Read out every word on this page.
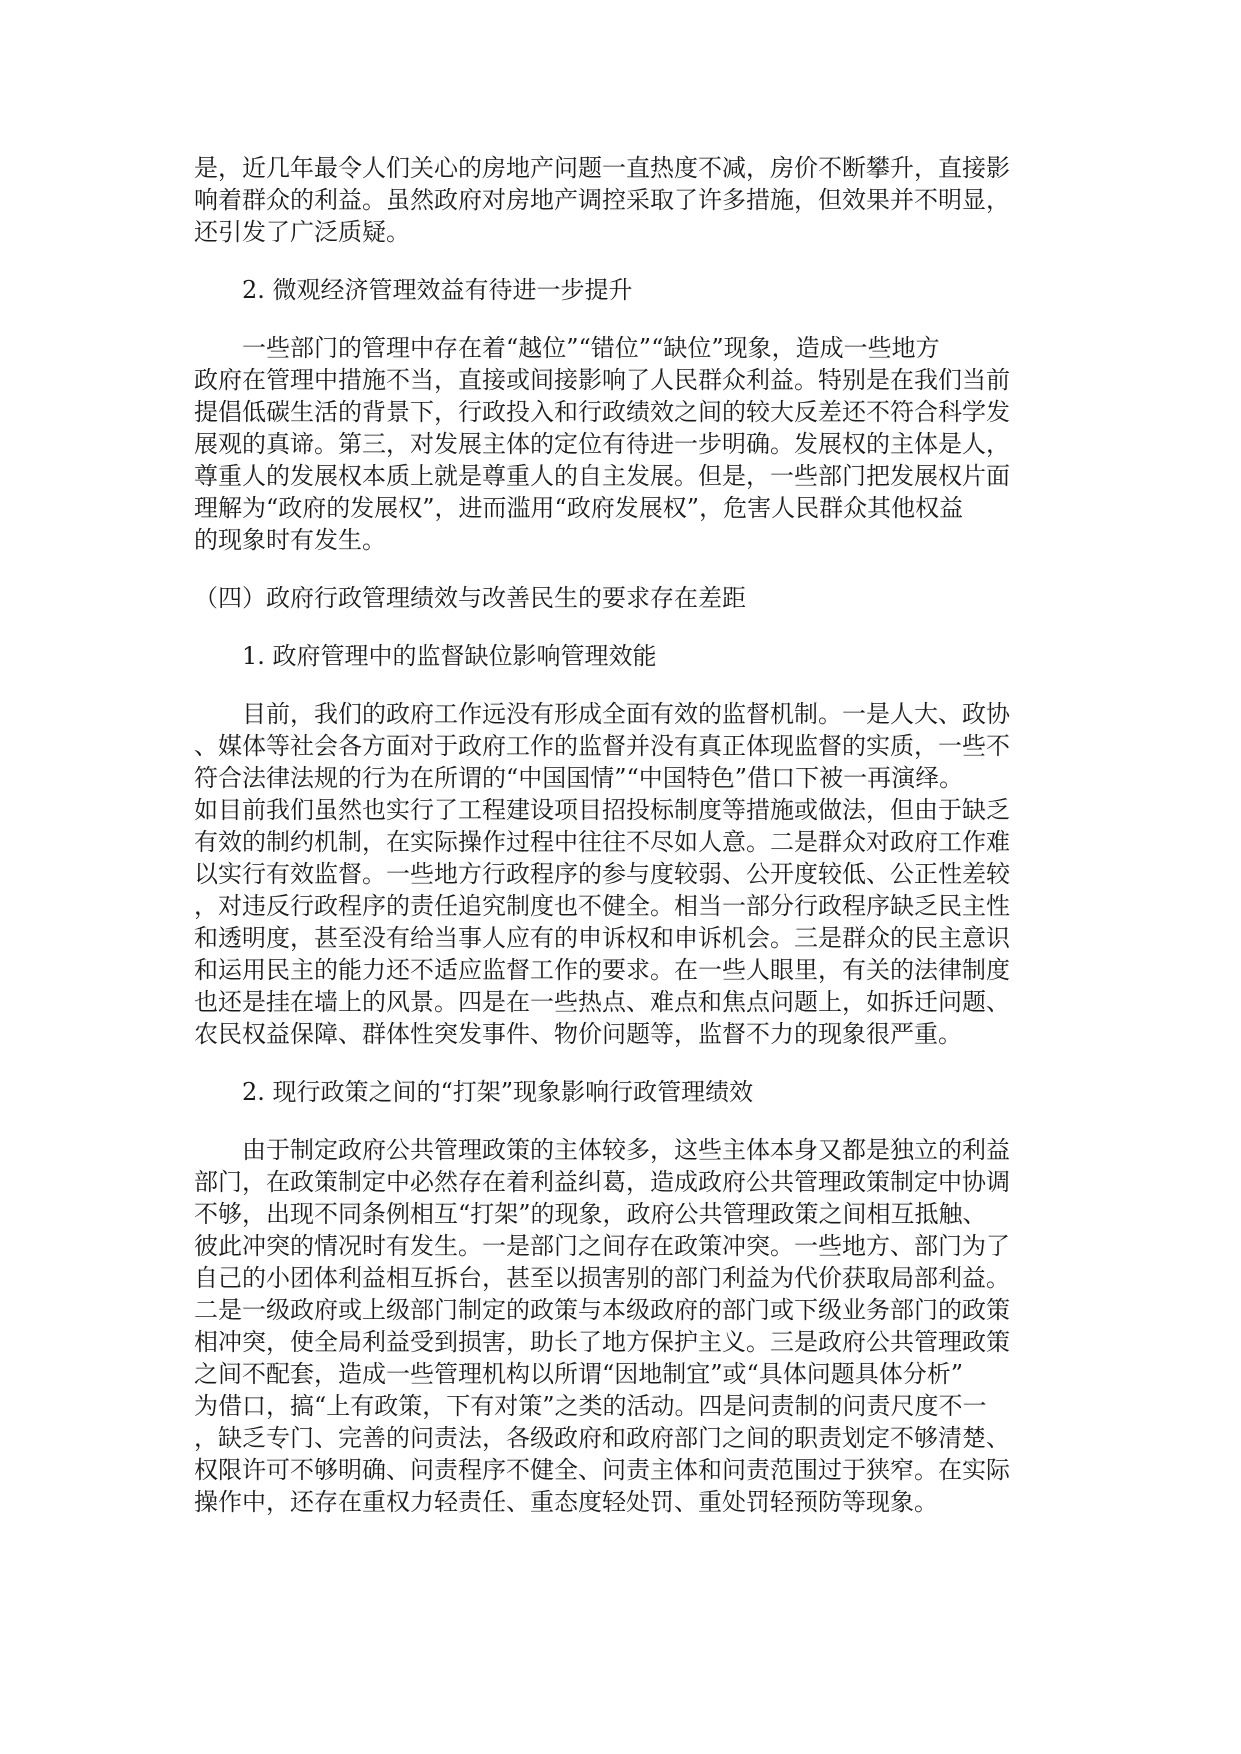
是，近几年最令人们关心的房地产问题一直热度不减，房价不断攀升，直接影
响着群众的利益。虽然政府对房地产调控采取了许多措施，但效果并不明显，
还引发了广泛质疑。
2. 微观经济管理效益有待进一步提升
一些部门的管理中存在着“越位”“错位”“缺位”现象，造成一些地方
政府在管理中措施不当，直接或间接影响了人民群众利益。特别是在我们当前
提倡低碳生活的背景下，行政投入和行政绩效之间的较大反差还不符合科学发
展观的真谛。第三，对发展主体的定位有待进一步明确。发展权的主体是人，
尊重人的发展权本质上就是尊重人的自主发展。但是，一些部门把发展权片面
理解为“政府的发展权”，进而滥用“政府发展权”，危害人民群众其他权益
的现象时有发生。
（四）政府行政管理绩效与改善民生的要求存在差距
1. 政府管理中的监督缺位影响管理效能
目前，我们的政府工作远没有形成全面有效的监督机制。一是人大、政协
、媒体等社会各方面对于政府工作的监督并没有真正体现监督的实质，一些不
符合法律法规的行为在所谓的“中国国情”“中国特色”借口下被一再演绎。
如目前我们虽然也实行了工程建设项目招投标制度等措施或做法，但由于缺乏
有效的制约机制，在实际操作过程中往往不尽如人意。二是群众对政府工作难
以实行有效监督。一些地方行政程序的参与度较弱、公开度较低、公正性差较
，对违反行政程序的责任追究制度也不健全。相当一部分行政程序缺乏民主性
和透明度，甚至没有给当事人应有的申诉权和申诉机会。三是群众的民主意识
和运用民主的能力还不适应监督工作的要求。在一些人眼里，有关的法律制度
也还是挂在墙上的风景。四是在一些热点、难点和焦点问题上，如拆迁问题、
农民权益保障、群体性突发事件、物价问题等，监督不力的现象很严重。
2. 现行政策之间的“打架”现象影响行政管理绩效
由于制定政府公共管理政策的主体较多，这些主体本身又都是独立的利益
部门，在政策制定中必然存在着利益纠葛，造成政府公共管理政策制定中协调
不够，出现不同条例相互“打架”的现象，政府公共管理政策之间相互抵触、
彼此冲突的情况时有发生。一是部门之间存在政策冲突。一些地方、部门为了
自己的小团体利益相互拆台，甚至以损害别的部门利益为代价获取局部利益。
二是一级政府或上级部门制定的政策与本级政府的部门或下级业务部门的政策
相冲突，使全局利益受到损害，助长了地方保护主义。三是政府公共管理政策
之间不配套，造成一些管理机构以所谓“因地制宜”或“具体问题具体分析”
为借口，搞“上有政策，下有对策”之类的活动。四是问责制的问责尺度不一
，缺乏专门、完善的问责法，各级政府和政府部门之间的职责划定不够清楚、
权限许可不够明确、问责程序不健全、问责主体和问责范围过于狭窄。在实际
操作中，还存在重权力轻责任、重态度轻处罚、重处罚轻预防等现象。
